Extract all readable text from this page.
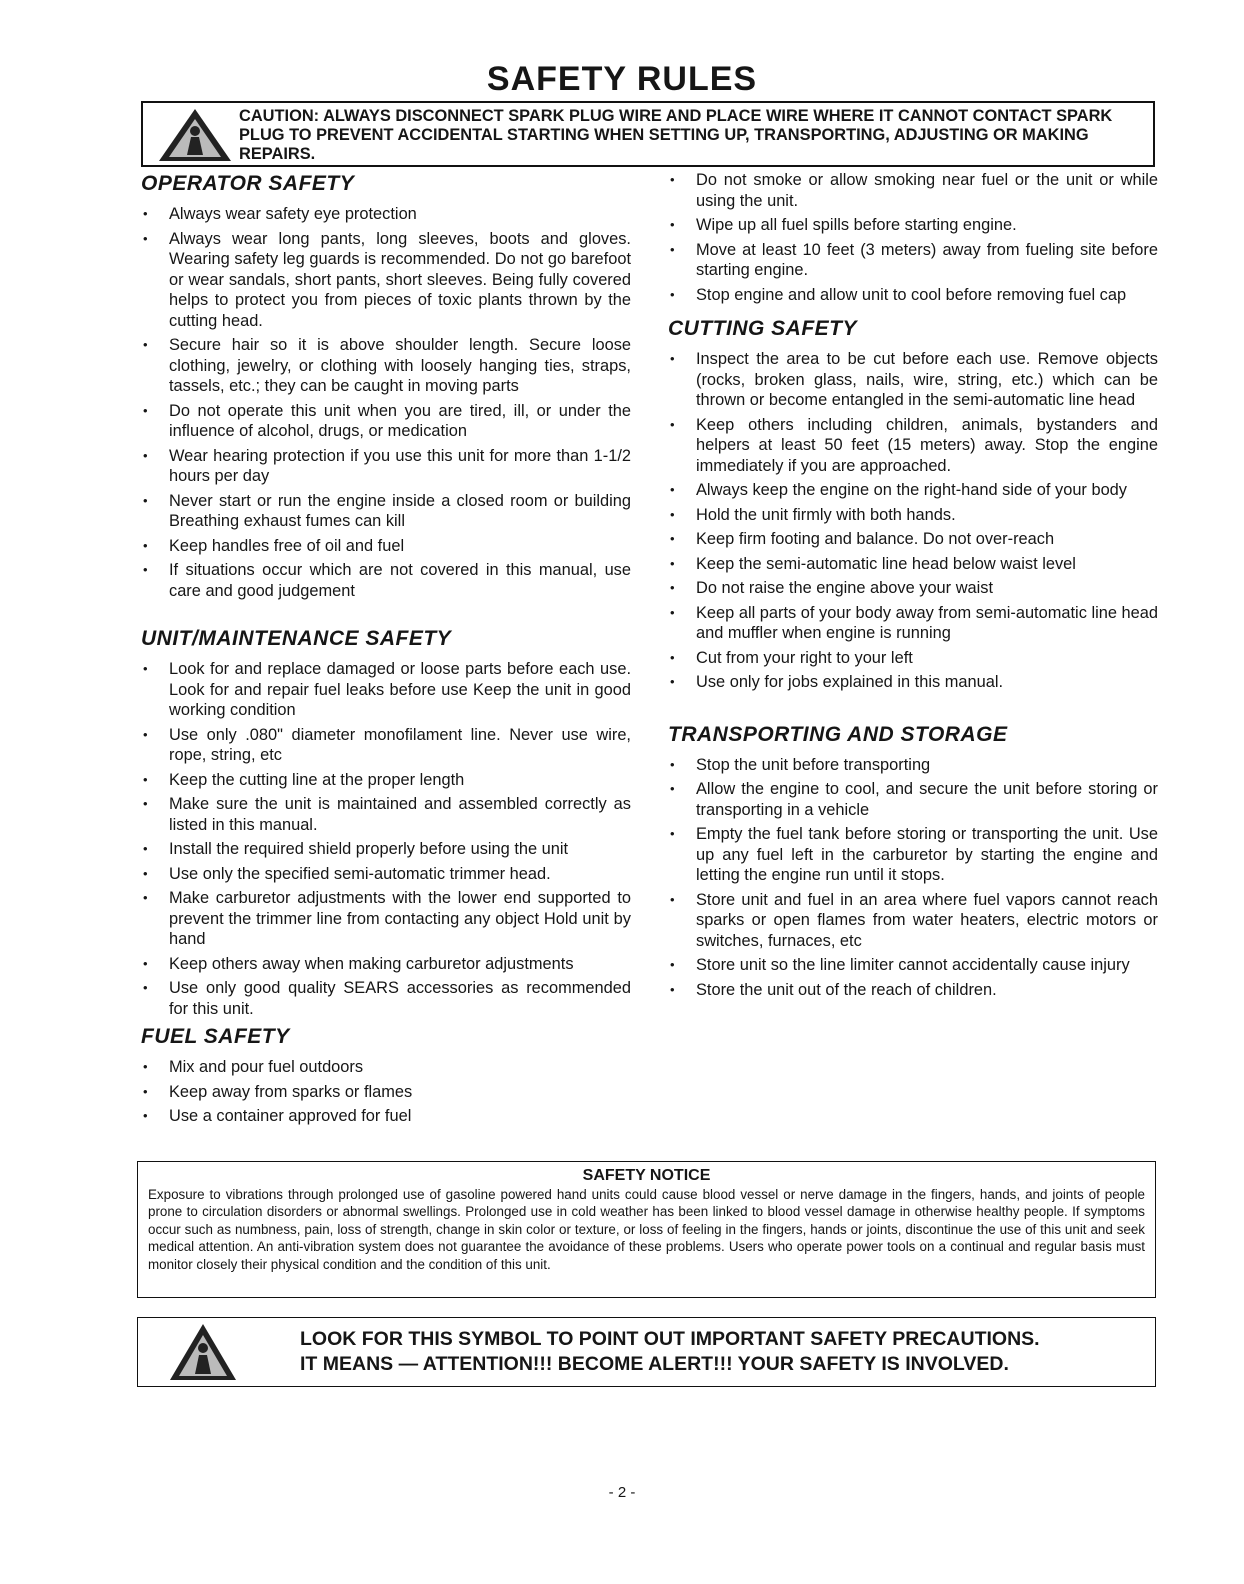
SAFETY RULES
CAUTION: ALWAYS DISCONNECT SPARK PLUG WIRE AND PLACE WIRE WHERE IT CANNOT CONTACT SPARK PLUG TO PREVENT ACCIDENTAL STARTING WHEN SETTING UP, TRANSPORTING, ADJUSTING OR MAKING REPAIRS.
OPERATOR SAFETY
• Always wear safety eye protection
• Always wear long pants, long sleeves, boots and gloves. Wearing safety leg guards is recommended. Do not go barefoot or wear sandals, short pants, short sleeves. Being fully covered helps to protect you from pieces of toxic plants thrown by the cutting head.
• Secure hair so it is above shoulder length. Secure loose clothing, jewelry, or clothing with loosely hanging ties, straps, tassels, etc.; they can be caught in moving parts
• Do not operate this unit when you are tired, ill, or under the influence of alcohol, drugs, or medication
• Wear hearing protection if you use this unit for more than 1-1/2 hours per day
• Never start or run the engine inside a closed room or building Breathing exhaust fumes can kill
• Keep handles free of oil and fuel
• If situations occur which are not covered in this manual, use care and good judgement
UNIT/MAINTENANCE SAFETY
• Look for and replace damaged or loose parts before each use. Look for and repair fuel leaks before use Keep the unit in good working condition
• Use only .080" diameter monofilament line. Never use wire, rope, string, etc
• Keep the cutting line at the proper length
• Make sure the unit is maintained and assembled correctly as listed in this manual.
• Install the required shield properly before using the unit
• Use only the specified semi-automatic trimmer head.
• Make carburetor adjustments with the lower end supported to prevent the trimmer line from contacting any object Hold unit by hand
• Keep others away when making carburetor adjustments
• Use only good quality SEARS accessories as recommended for this unit.
FUEL SAFETY
• Mix and pour fuel outdoors
• Keep away from sparks or flames
• Use a container approved for fuel
• Do not smoke or allow smoking near fuel or the unit or while using the unit.
• Wipe up all fuel spills before starting engine.
• Move at least 10 feet (3 meters) away from fueling site before starting engine.
• Stop engine and allow unit to cool before removing fuel cap
CUTTING SAFETY
• Inspect the area to be cut before each use. Remove objects (rocks, broken glass, nails, wire, string, etc.) which can be thrown or become entangled in the semi-automatic line head
• Keep others including children, animals, bystanders and helpers at least 50 feet (15 meters) away. Stop the engine immediately if you are approached.
• Always keep the engine on the right-hand side of your body
• Hold the unit firmly with both hands.
• Keep firm footing and balance. Do not over-reach
• Keep the semi-automatic line head below waist level
• Do not raise the engine above your waist
• Keep all parts of your body away from semi-automatic line head and muffler when engine is running
• Cut from your right to your left
• Use only for jobs explained in this manual.
TRANSPORTING AND STORAGE
• Stop the unit before transporting
• Allow the engine to cool, and secure the unit before storing or transporting in a vehicle
• Empty the fuel tank before storing or transporting the unit. Use up any fuel left in the carburetor by starting the engine and letting the engine run until it stops.
• Store unit and fuel in an area where fuel vapors cannot reach sparks or open flames from water heaters, electric motors or switches, furnaces, etc
• Store unit so the line limiter cannot accidentally cause injury
• Store the unit out of the reach of children.
SAFETY NOTICE
Exposure to vibrations through prolonged use of gasoline powered hand units could cause blood vessel or nerve damage in the fingers, hands, and joints of people prone to circulation disorders or abnormal swellings. Prolonged use in cold weather has been linked to blood vessel damage in otherwise healthy people. If symptoms occur such as numbness, pain, loss of strength, change in skin color or texture, or loss of feeling in the fingers, hands or joints, discontinue the use of this unit and seek medical attention. An anti-vibration system does not guarantee the avoidance of these problems. Users who operate power tools on a continual and regular basis must monitor closely their physical condition and the condition of this unit.
LOOK FOR THIS SYMBOL TO POINT OUT IMPORTANT SAFETY PRECAUTIONS.
IT MEANS — ATTENTION!!! BECOME ALERT!!! YOUR SAFETY IS INVOLVED.
- 2 -
